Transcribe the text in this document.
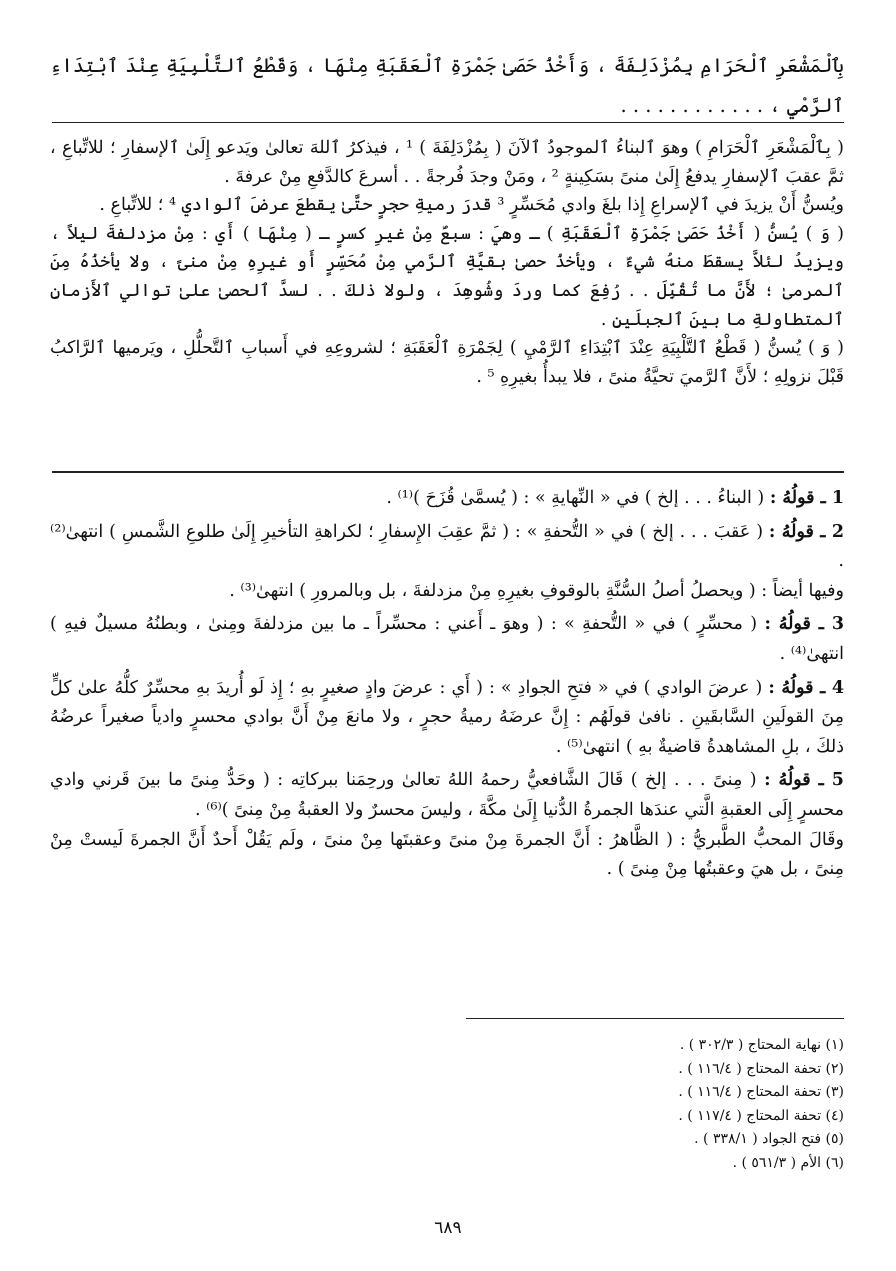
بِٱلْمَشْعَرِ ٱلْحَرَامِ بِمُزْدَلِفَةَ ، وَأَخْذُ حَصَىٰ جَمْرَةِ ٱلْعَقَبَةِ مِنْهَا ، وَقَطْعُ ٱلتَّلْبِيَةِ عِنْدَ ٱبْتِدَاءِ ٱلرَّمْيِ ، . . . . . . . . . . . .

( بِٱلْمَشْعَرِ ٱلْحَرَامِ ) وهوَ ٱلبناءُ ٱلموجودُ ٱلآنَ ( بِمُزْدَلِفَةَ ) ¹ ، فيذكرُ ٱللهَ تعالىٰ ويَدعو إِلَىٰ ٱلإسفارِ ؛ للاتِّباعِ ، ثمَّ عقبَ ٱلإسفارِ يدفعُ إِلَىٰ منىً بسَكِينةٍ ² ، ومَنْ وجدَ فُرجةً . . أسرعَ كالدَّفعِ مِنْ عرفةَ .

ويُسنُّ أَنْ يزيدَ في ٱلإسراعِ إِذا بلغَ وادي مُحَسِّرٍ ³ قدرَ رميةِ حجرٍ حتَّىٰ يقطعَ عرضَ ٱلوادي ⁴ ؛ للاتِّباعِ .

( وَ ) يُسنُّ ( أَخْذُ حَصَىٰ جَمْرَةِ ٱلْعَقَبَةِ ) ـ وهيَ : سبعٌ مِنْ غيرِ كسرٍ ـ ( مِنْهَا ) أَي : مِنْ مزدلفةَ ليلاً ، ويزيدُ لئلاَّ يسقطَ منهُ شيءٌ ، ويأخذُ حصىٰ بقيَّةِ ٱلرَّمي مِنْ مُحَسِّرٍ أَو غيرِهِ مِنْ منىً ، ولا يأخذُهُ مِنَ ٱلمرمىٰ ؛ لأَنَّ ما تُقُبِّلَ . . رُفِعَ كما وردَ وشُوهِدَ ، ولولا ذلكَ . . لسدَّ ٱلحصىٰ علىٰ توالي ٱلأَزمانِ ٱلمتطاولةِ ما بينَ ٱلجبلَينِ .

( وَ ) يُسنُّ ( قَطْعُ ٱلتَّلْبِيَةِ عِنْدَ ٱبْتِدَاءِ ٱلرَّمْيِ ) لِجَمْرَةِ ٱلْعَقَبَةِ ؛ لشروعِهِ في أَسبابِ ٱلتَّحلُّلِ ، ويَرميها ٱلرَّاكبُ قَبْلَ نزولِهِ ؛ لأَنَّ ٱلرَّميَ تحيَّةُ منىً ، فلا يبدأُ بغيرِهِ ⁵ .

1 ـ قولُهُ : ( البناءُ . . . إلخ ) في « النِّهايةِ » : ( يُسمَّىٰ قُزَحَ )⁽¹⁾ .

2 ـ قولُهُ : ( عَقبَ . . . إلخ ) في « التُّحفةِ » : ( ثمَّ عقِبَ الإِسفارِ ؛ لكراهةِ التأخيرِ إِلَىٰ طلوعِ الشَّمسِ ) انتهىٰ⁽²⁾ .

وفيها أيضاً : ( ويحصلُ أصلُ السُّنَّةِ بالوقوفِ بغيرِهِ مِنْ مزدلفةَ ، بل وبالمرورِ ) انتهىٰ⁽³⁾ .

3 ـ قولُهُ : ( محسِّرٍ ) في « التُّحفةِ » : ( وهوَ ـ أَعني : محسِّراً ـ ما بين مزدلفةَ ومِنىٰ ، وبطنُهُ مسيلٌ فيهِ ) انتهىٰ⁽⁴⁾ .

4 ـ قولُهُ : ( عرضَ الوادي ) في « فتحِ الجوادِ » : ( أَي : عرضَ وادٍ صغيرٍ بهِ ؛ إِذ لَو أُريدَ بهِ محسِّرٌ كلُّهُ علىٰ كلٍّ مِنَ القولَينِ السَّابقَينِ . نافىٰ قولَهُم : إِنَّ عرضَهُ رميةُ حجرٍ ، ولا مانعَ مِنْ أَنَّ بوادي محسرٍ وادياً صغيراً عرضُهُ ذلكَ ، بلِ المشاهدةُ قاضيةٌ بهِ ) انتهىٰ⁽⁵⁾ .

5 ـ قولُهُ : ( مِنىً . . . إلخ ) قَالَ الشَّافعيُّ رحمهُ اللهُ تعالىٰ ورحِمَنا ببركاتِه : ( وحَدُّ مِنىً ما بينَ قَرني وادي محسرٍ إِلَى العقبةِ الَّتي عندَها الجمرةُ الدُّنيا إِلَىٰ مكَّةَ ، وليسَ محسرٌ ولا العقبةُ مِنْ مِنىً )⁽⁶⁾ .

وقَالَ المحبُّ الطَّبريُّ : ( الظَّاهرُ : أَنَّ الجمرةَ مِنْ منىً وعقبتَها مِنْ منىً ، ولَم يَقُلْ أَحدٌ أَنَّ الجمرةَ لَيستْ مِنْ مِنىً ، بل هيَ وعقبتُها مِنْ مِنىً ) .

(١) نهاية المحتاج ( ٣٠٢/٣ ) .
(٢) تحفة المحتاج ( ١١٦/٤ ) .
(٣) تحفة المحتاج ( ١١٦/٤ ) .
(٤) تحفة المحتاج ( ١١٧/٤ ) .
(٥) فتح الجواد ( ٣٣٨/١ ) .
(٦) الأم ( ٥٦١/٣ ) .
٦٨٩
